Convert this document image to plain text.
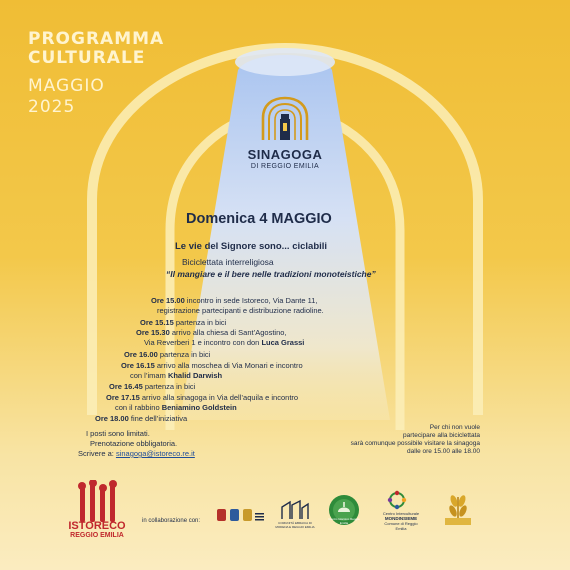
PROGRAMMA
CULTURALE
MAGGIO
2025
SINAGOGA
DI REGGIO EMILIA
Domenica 4 MAGGIO
Le vie del Signore sono... ciclabili
Biciclettata interreligiosa
“Il mangiare e il bere nelle tradizioni monoteistiche”
Ore 15.00 incontro in sede Istoreco, Via Dante 11,
registrazione partecipanti e distribuzione radioline.
Ore 15.15 partenza in bici
Ore 15.30 arrivo alla chiesa di Sant’Agostino,
Via Reverberi 1 e incontro con don Luca Grassi
Ore 16.00 partenza in bici
Ore 16.15 arrivo alla moschea di Via Monari e incontro
con l’imam Khalid Darwish
Ore 16.45 partenza in bici
Ore 17.15 arrivo alla sinagoga in Via dell’aquila e incontro
con il rabbino Beniamino Goldstein
Ore 18.00 fine dell’iniziativa
I posti sono limitati.
Prenotazione obbligatoria.
Scrivere a: sinagoga@istoreco.re.it
Per chi non vuole
partecipare alla biciclettata
sarà comunque possibile visitare la sinagoga
dalle ore 15.00 alle 18.00
ISTORECO
REGGIO EMILIA
in collaborazione con:	COMUNITÀ EBRAICA DI MODENA E REGGIO EMILIA
Centro Islamico Reggio Emilia
Centro Interculturale
MONDINSIEME
Comune di Reggio Emilia
